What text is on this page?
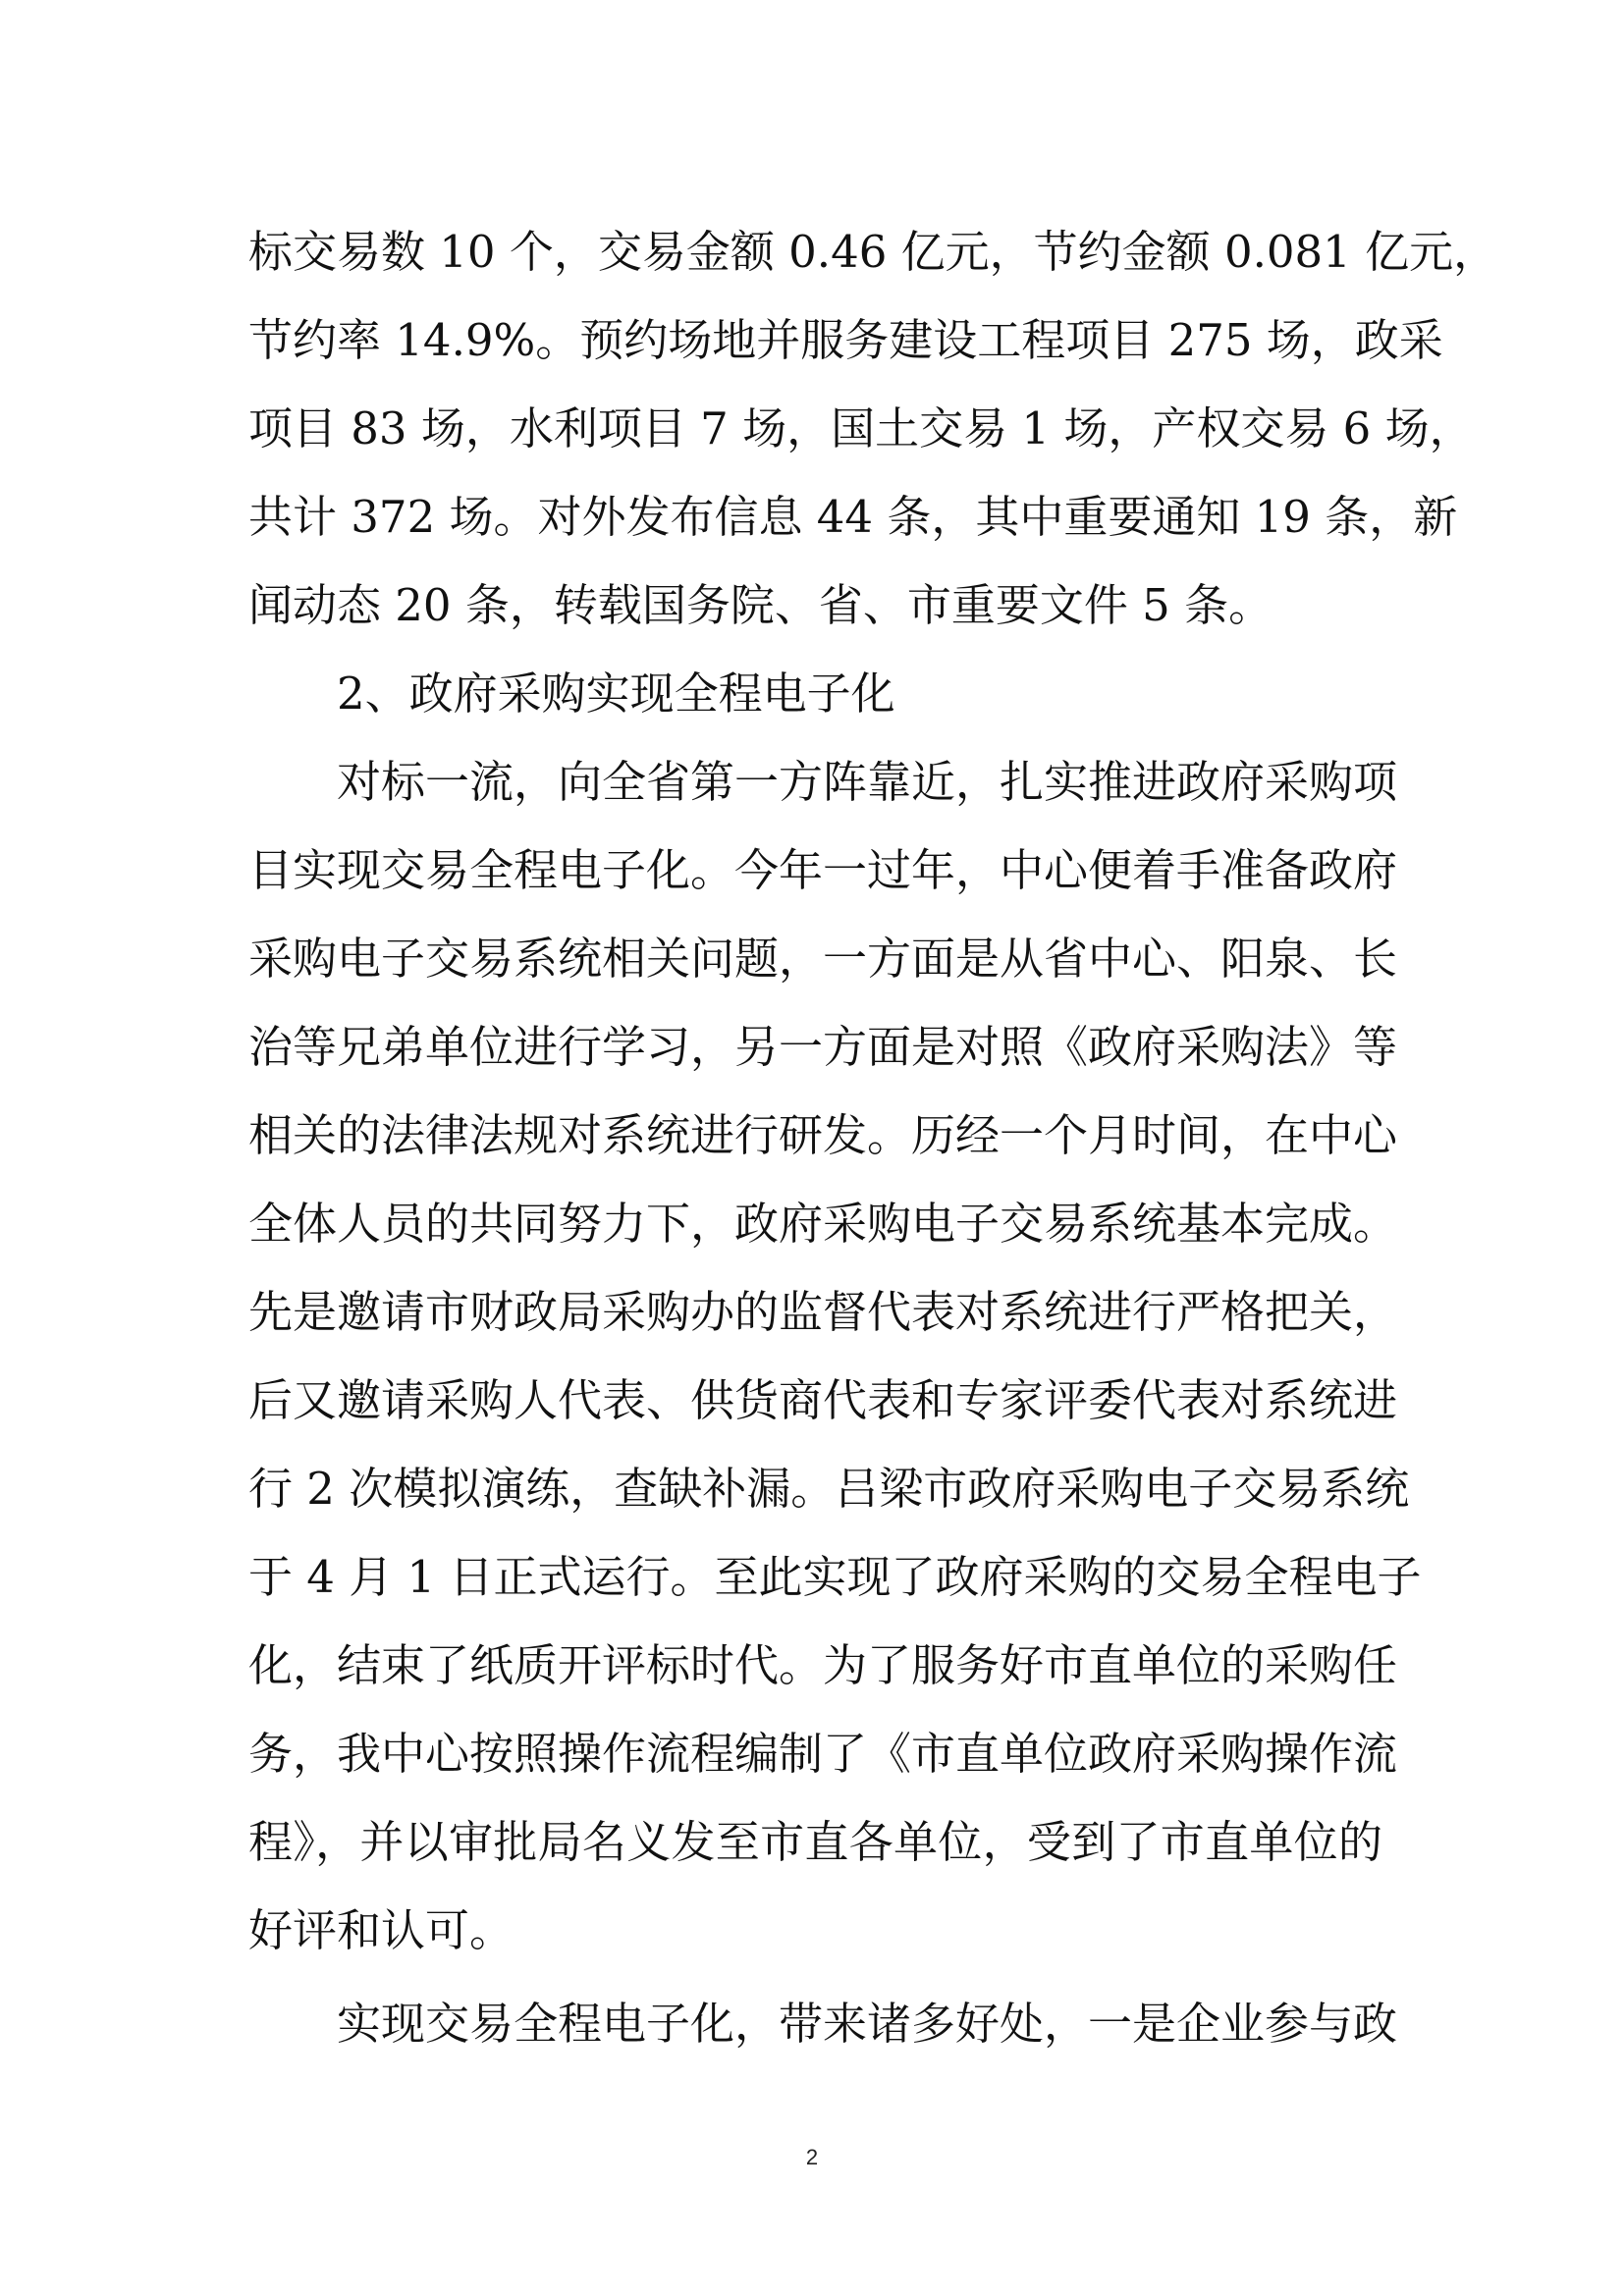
标交易数 10 个，交易金额 0.46 亿元，节约金额 0.081 亿元，
节约率 14.9%。预约场地并服务建设工程项目 275 场，政采
项目 83 场，水利项目 7 场，国土交易 1 场，产权交易 6 场，
共计 372 场。对外发布信息 44 条，其中重要通知 19 条，新
闻动态 20 条，转载国务院、省、市重要文件 5 条。
2、政府采购实现全程电子化
对标一流，向全省第一方阵靠近，扎实推进政府采购项
目实现交易全程电子化。今年一过年，中心便着手准备政府
采购电子交易系统相关问题，一方面是从省中心、阳泉、长
治等兄弟单位进行学习，另一方面是对照《政府采购法》等
相关的法律法规对系统进行研发。历经一个月时间，在中心
全体人员的共同努力下，政府采购电子交易系统基本完成。
先是邀请市财政局采购办的监督代表对系统进行严格把关，
后又邀请采购人代表、供货商代表和专家评委代表对系统进
行 2 次模拟演练，查缺补漏。吕梁市政府采购电子交易系统
于 4 月 1 日正式运行。至此实现了政府采购的交易全程电子
化，结束了纸质开评标时代。为了服务好市直单位的采购任
务，我中心按照操作流程编制了《市直单位政府采购操作流
程》，并以审批局名义发至市直各单位，受到了市直单位的
好评和认可。
实现交易全程电子化，带来诸多好处，一是企业参与政
2
